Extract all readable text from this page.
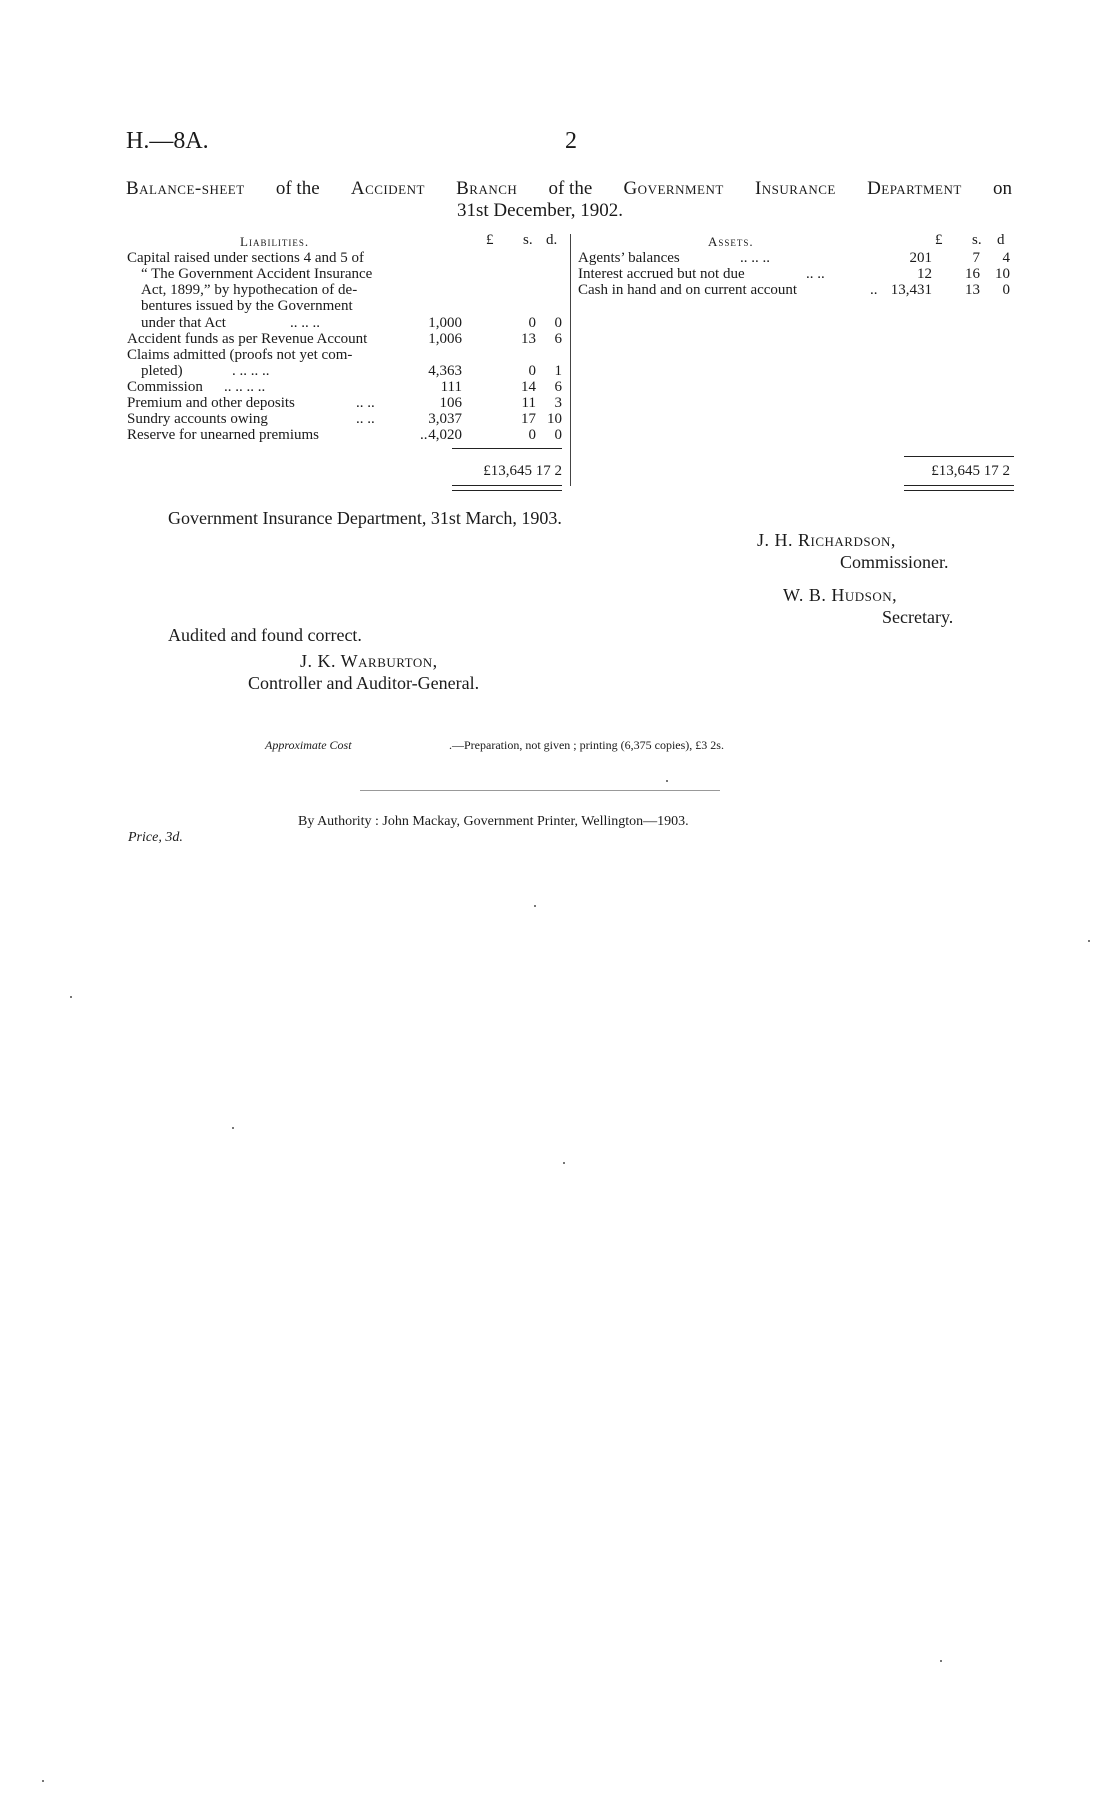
H.—8A.	2
Balance-sheet of the Accident Branch of the Government Insurance Department on
31st December, 1902.
Liabilities.	£ s. d.
Capital raised under sections 4 and 5 of
“ The Government Accident Insurance
Act, 1899,” by hypothecation of de-
bentures issued by the Government
under that Act	.. .. ..	1,000	0 0
Accident funds as per Revenue Account	1,006	13 6
Claims admitted (proofs not yet com-
pleted)	. .. .. ..	4,363	0 1
Commission .. .. .. ..	111	14 6
Premium and other deposits	.. ..	106	11 3
Sundry accounts owing	.. ..	3,037	17 10
Reserve for unearned premiums	.. 4,020	0 0
£13,645 17 2
Assets.	£ s. d
Agents’ balances	.. .. ..	201	7 4
Interest accrued but not due	.. ..	12 16 10
Cash in hand and on current account	.. 13,431 13 0
£13,645 17 2
Government Insurance Department, 31st March, 1903.
J. H. Richardson,
Commissioner.
W. B. Hudson,
Secretary.
Audited and found correct.
J. K. Warburton,
Controller and Auditor-General.
Approximate Cost	.—Preparation, not given ; printing (6,375 copies), £3 2s.
By Authority : John Mackay, Government Printer, Wellington—1903.
Price, 3d.
